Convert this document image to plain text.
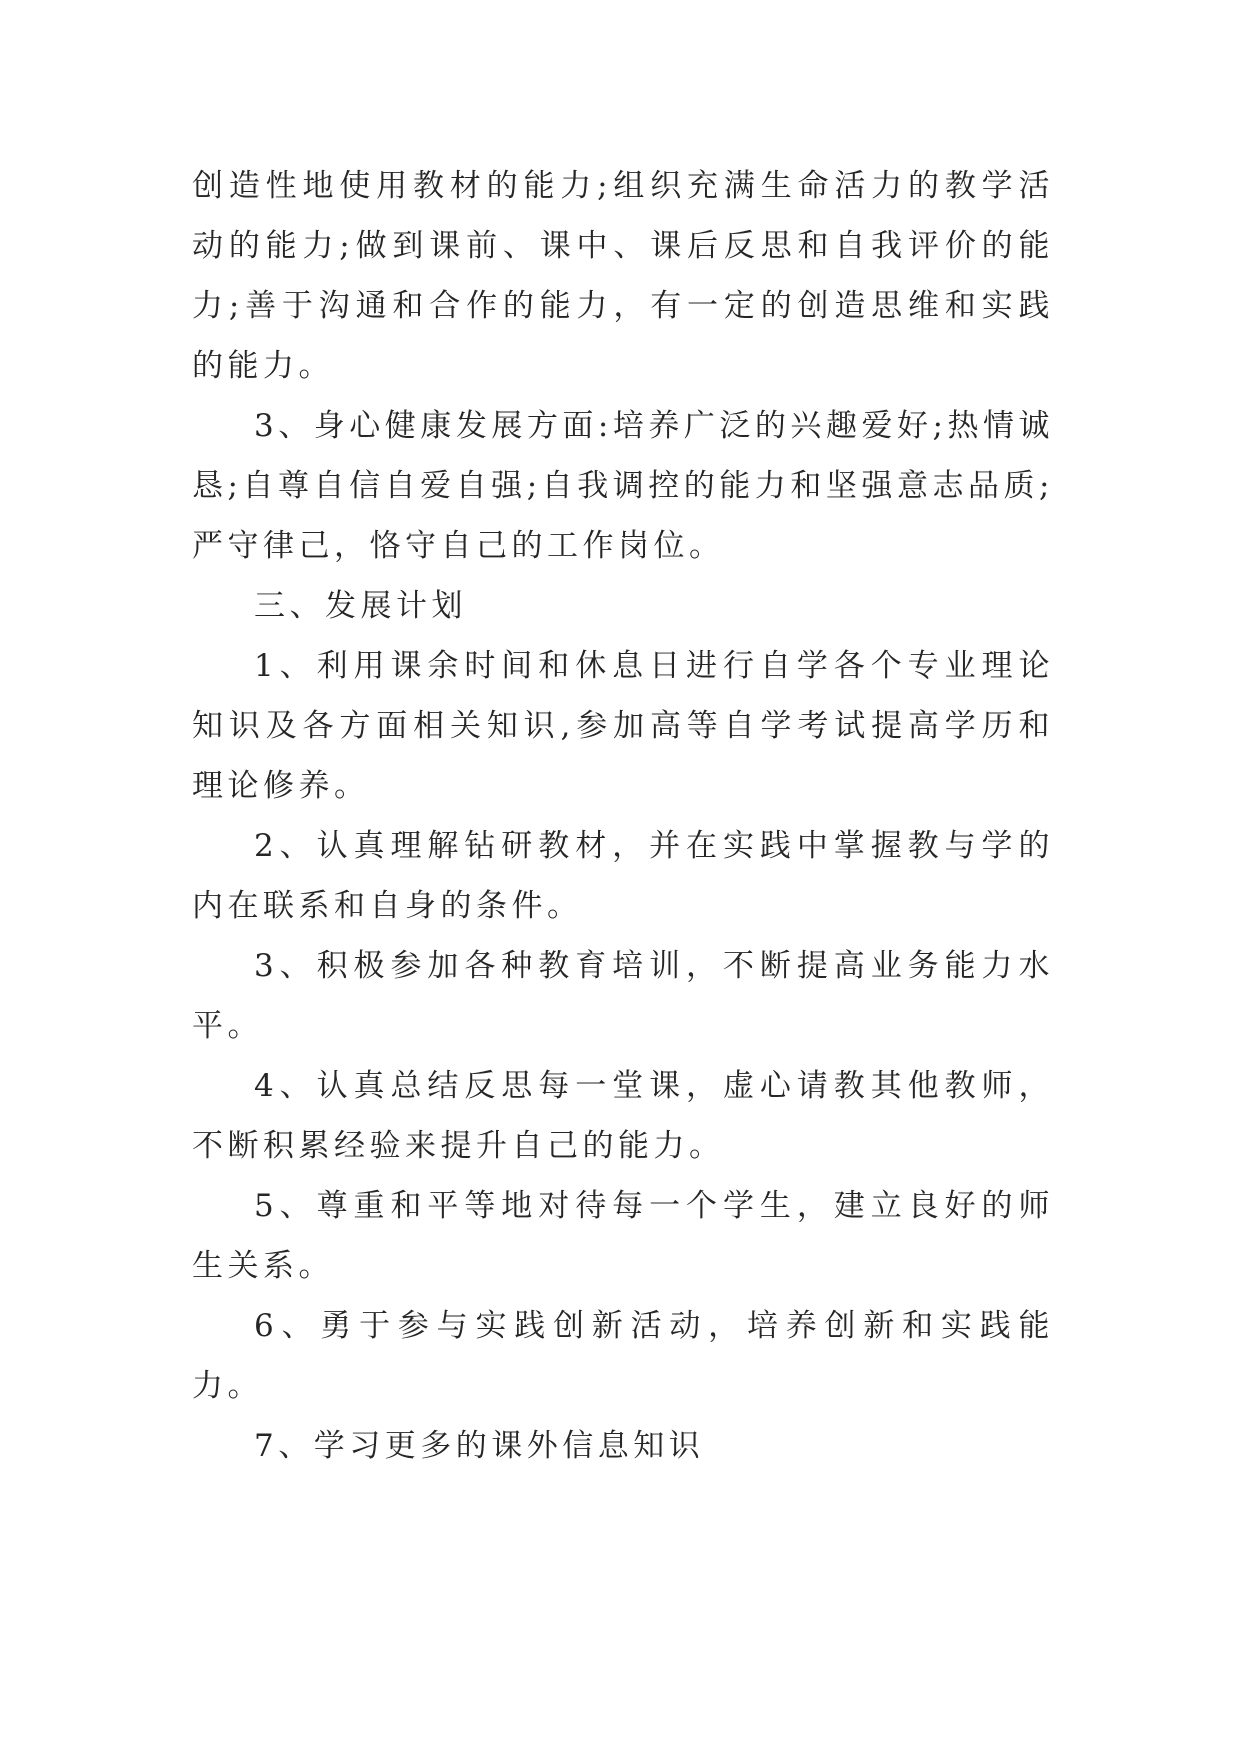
创造性地使用教材的能力;组织充满生命活力的教学活动的能力;做到课前、课中、课后反思和自我评价的能力;善于沟通和合作的能力，有一定的创造思维和实践的能力。

3、身心健康发展方面:培养广泛的兴趣爱好;热情诚恳;自尊自信自爱自强;自我调控的能力和坚强意志品质;严守律己，恪守自己的工作岗位。

三、发展计划

1、利用课余时间和休息日进行自学各个专业理论知识及各方面相关知识,参加高等自学考试提高学历和理论修养。

2、认真理解钻研教材，并在实践中掌握教与学的内在联系和自身的条件。

3、积极参加各种教育培训，不断提高业务能力水平。

4、认真总结反思每一堂课，虚心请教其他教师，不断积累经验来提升自己的能力。

5、尊重和平等地对待每一个学生，建立良好的师生关系。

6、勇于参与实践创新活动，培养创新和实践能力。

7、学习更多的课外信息知识
